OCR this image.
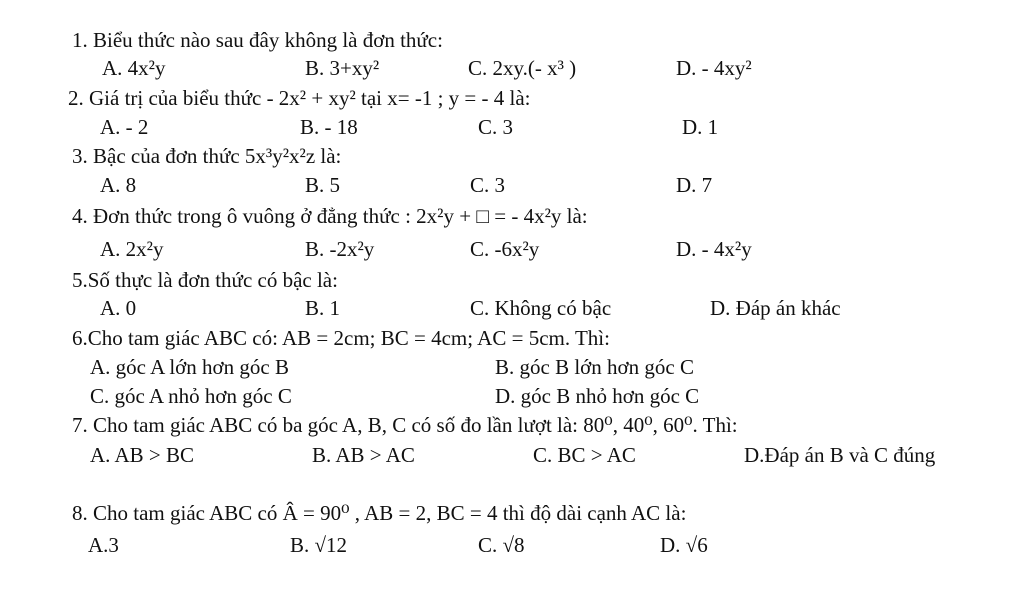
1. Biểu thức nào sau đây không là đơn thức:
A. 4x²y	B. 3+xy²	C. 2xy.(- x³ )	D. - 4xy²
2. Giá trị của biểu thức - 2x² + xy² tại x= -1 ; y = - 4 là:
A. - 2	B. - 18	C. 3	D. 1
3. Bậc của đơn thức 5x³y²x²z là:
A. 8	B. 5	C. 3	D. 7
4. Đơn thức trong ô vuông ở đẳng thức : 2x²y + □ = - 4x²y là:
A. 2x²y	B. -2x²y	C. -6x²y	D. - 4x²y
5.Số thực là đơn thức có bậc là:
A. 0	B. 1	C. Không có bậc	D. Đáp án khác
6.Cho tam giác ABC có: AB = 2cm; BC = 4cm; AC = 5cm. Thì:
A. góc A lớn hơn góc B	B. góc B lớn hơn góc C
C. góc A nhỏ hơn góc C	D. góc B nhỏ hơn góc C
7. Cho tam giác ABC có ba góc A, B, C có số đo lần lượt là: 80⁰, 40⁰, 60⁰. Thì:
A. AB > BC	B. AB > AC	C. BC > AC	D.Đáp án B và C đúng
8. Cho tam giác ABC có Â = 90⁰ , AB = 2, BC = 4 thì độ dài cạnh AC là:
A.3	B. √12	C. √8	D. √6
